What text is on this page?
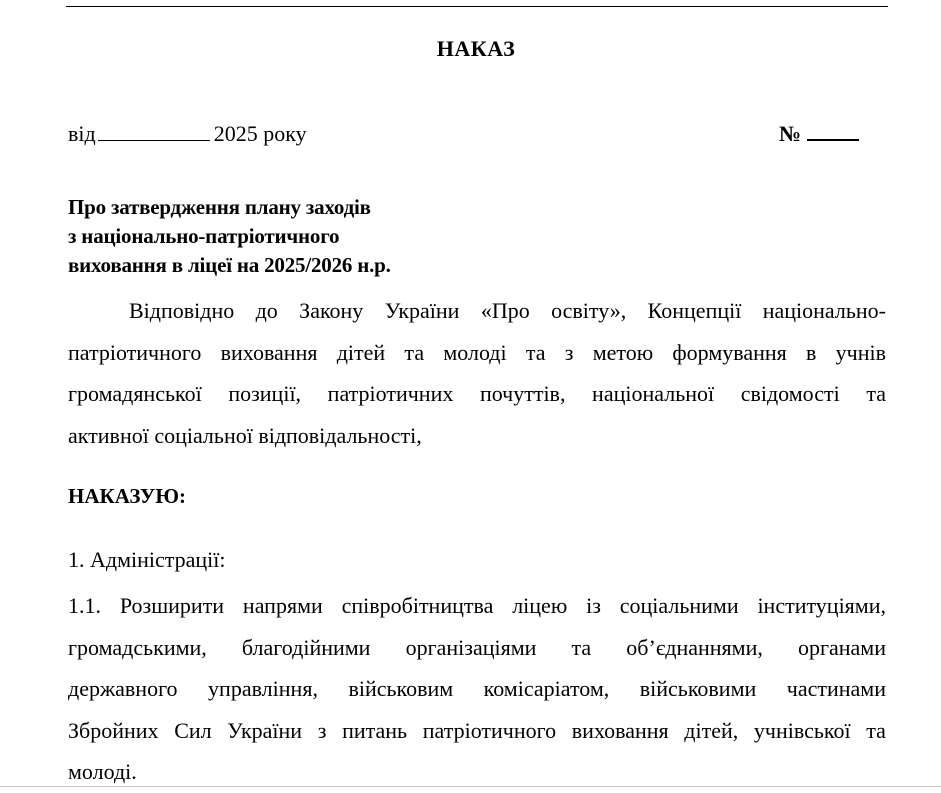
НАКАЗ
від	2025 року	№
Про затвердження плану заходів
з національно-патріотичного
виховання в ліцеї на 2025/2026 н.р.
Відповідно до Закону України «Про освіту», Концепції національно-
патріотичного виховання дітей та молоді та з метою формування в учнів
громадянської позиції, патріотичних почуттів, національної свідомості та
активної соціальної відповідальності,
НАКАЗУЮ:
1. Адміністрації:
1.1. Розширити напрями співробітництва ліцею із соціальними інституціями,
громадськими, благодійними організаціями та об’єднаннями, органами
державного управління, військовим комісаріатом, військовими частинами
Збройних Сил України з питань патріотичного виховання дітей, учнівської та
молоді.
